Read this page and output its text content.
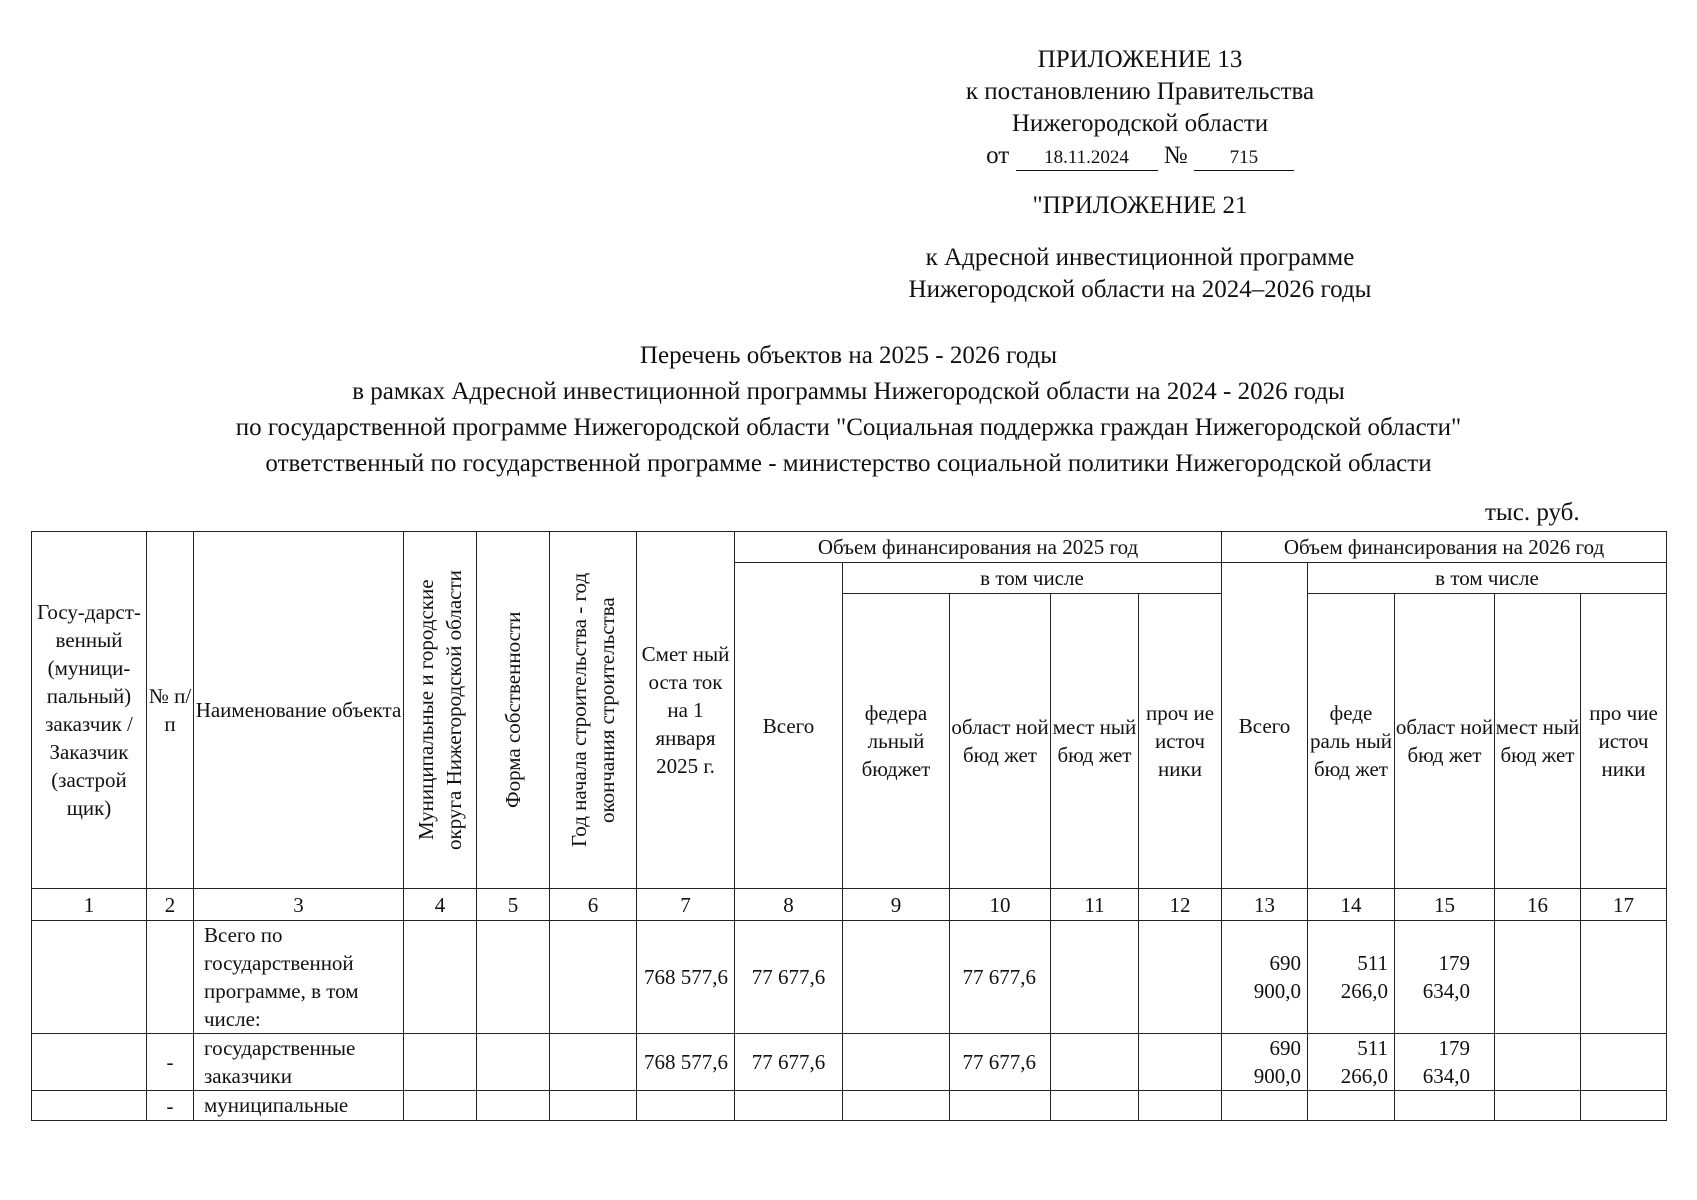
ПРИЛОЖЕНИЕ 13
к постановлению Правительства
Нижегородской области
от 18.11.2024 № 715
"ПРИЛОЖЕНИЕ 21
к Адресной инвестиционной программе
Нижегородской области на 2024–2026 годы
Перечень объектов на 2025 - 2026 годы
в рамках Адресной инвестиционной программы Нижегородской области на 2024 - 2026 годы
по государственной программе Нижегородской области "Социальная поддержка граждан Нижегородской области"
ответственный по государственной программе - министерство социальной политики Нижегородской области
тыс. руб.
Госу-дарст-венный (муници-пальный) заказчик / Заказчик (застрой щик)	№ п/п	Наименование объекта	Муниципальные и городские округа Нижегородской области	Форма собственности	Год начала строительства - год окончания строительства	Смет ный оста ток на 1 января 2025 г.	Объем финансирования на 2025 год					Объем финансирования на 2026 год				
							Всего	в том числе				Всего	в том числе			
								федера льный бюджет	област ной бюд жет	мест ный бюд жет	проч ие источ ники		феде раль ный бюд жет	област ной бюд жет	мест ный бюд жет	про чие источ ники
1	2	3	4	5	6	7	8	9	10	11	12	13	14	15	16	17
		Всего по государственной программе, в том числе:				768 577,6	77 677,6		77 677,6			690 900,0	511 266,0	179 634,0		
	-	государственные заказчики				768 577,6	77 677,6		77 677,6			690 900,0	511 266,0	179 634,0		
	-	муниципальные														
